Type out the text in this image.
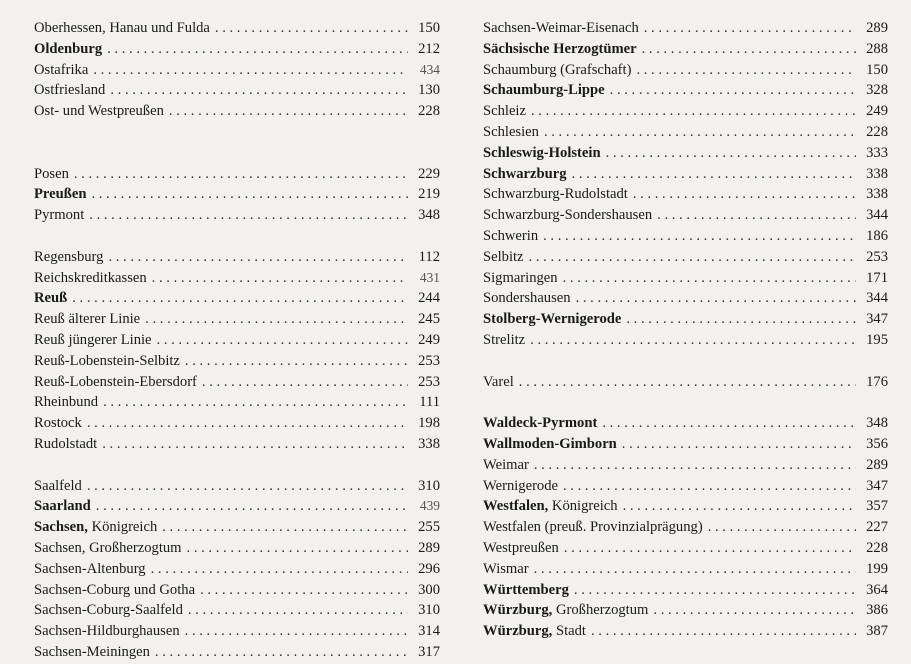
Oberhessen, Hanau und Fulda . . .	150
Oldenburg . . .	212
Ostafrika . . .	434
Ostfriesland . . .	130
Ost- und Westpreußen . . .	228
Posen . . .	229
Preußen . . .	219
Pyrmont . . .	348
Regensburg . . .	112
Reichskreditkassen . . .	431
Reuß . . .	244
Reuß älterer Linie . . .	245
Reuß jüngerer Linie . . .	249
Reuß-Lobenstein-Selbitz . . .	253
Reuß-Lobenstein-Ebersdorf . . .	253
Rheinbund . . .	111
Rostock . . .	198
Rudolstadt . . .	338
Saalfeld . . .	310
Saarland . . .	439
Sachsen, Königreich . . .	255
Sachsen, Großherzogtum . . .	289
Sachsen-Altenburg . . .	296
Sachsen-Coburg und Gotha . . .	300
Sachsen-Coburg-Saalfeld . . .	310
Sachsen-Hildburghausen . . .	314
Sachsen-Meiningen . . .	317
Sachsen-Weimar-Eisenach . . .	289
Sächsische Herzogtümer . . .	288
Schaumburg (Grafschaft) . . .	150
Schaumburg-Lippe . . .	328
Schleiz . . .	249
Schlesien . . .	228
Schleswig-Holstein . . .	333
Schwarzburg . . .	338
Schwarzburg-Rudolstadt . . .	338
Schwarzburg-Sondershausen . . .	344
Schwerin . . .	186
Selbitz . . .	253
Sigmaringen . . .	171
Sondershausen . . .	344
Stolberg-Wernigerode . . .	347
Strelitz . . .	195
Varel . . .	176
Waldeck-Pyrmont . . .	348
Wallmoden-Gimborn . . .	356
Weimar . . .	289
Wernigerode . . .	347
Westfalen, Königreich . . .	357
Westfalen (preuß. Provinzialprägung) . . .	227
Westpreußen . . .	228
Wismar . . .	199
Württemberg . . .	364
Würzburg, Großherzogtum . . .	386
Würzburg, Stadt . . .	387
